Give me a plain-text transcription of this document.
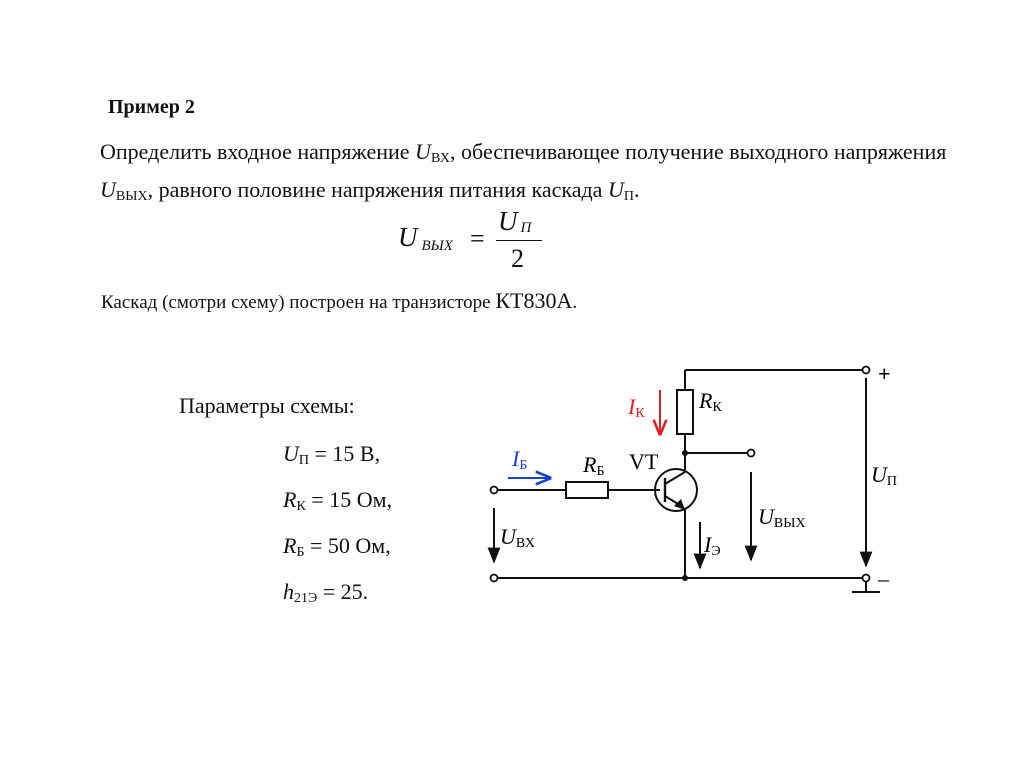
Пример 2
Определить входное напряжение $U_{ВХ}$, обеспечивающее получение выходного напряжения $U_{ВЫХ}$, равного половине напряжения питания каскада $U_П$.
UВЫХ =
U П
2
Каскад (смотри схему) построен на транзисторе КТ830А.
Параметры схемы:
$U_П = 15$ В,
$R_К = 15$ Ом,
$R_Б = 50$ Ом,
$h_{21Э} = 25$.
IК
RК
IБ	RБ VT
UВХ
UВЫХ
IЭ
UП
+
–
